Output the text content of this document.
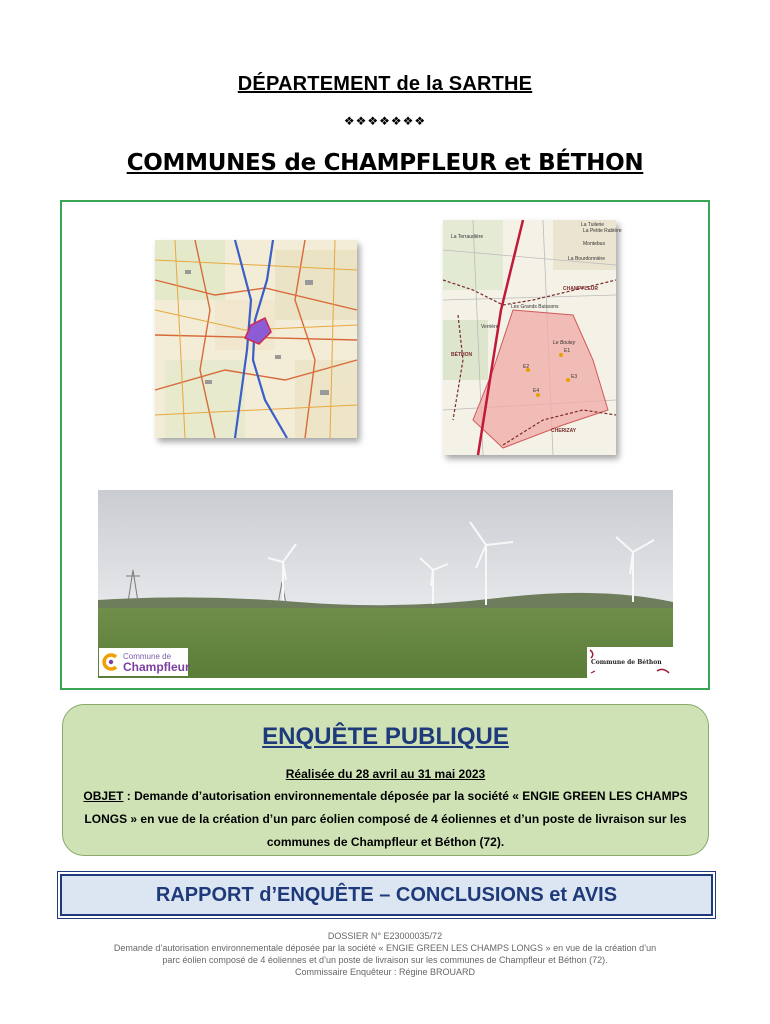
DÉPARTEMENT de la SARTHE
❖❖❖❖❖❖❖
COMMUNES de CHAMPFLEUR et BÉTHON
La Terraudière
La Petite Rabière
Montebus
La Tuilerie
La Bourdonnière
CHAMPFLEUR
Les Grands Buissons
Le Bouley
Verrière
BÉTHON
E1
E2
E3
E4
CHERIZAY
Commune de
Champfleur	Commune de Béthon
ENQUÊTE PUBLIQUE
Réalisée du 28 avril au 31 mai 2023
OBJET : Demande d’autorisation environnementale déposée par la société « ENGIE GREEN LES CHAMPS LONGS » en vue de la création d’un parc éolien composé de 4 éoliennes et d’un poste de livraison sur les communes de Champfleur et Béthon (72).
RAPPORT d’ENQUÊTE – CONCLUSIONS et AVIS
DOSSIER N° E23000035/72
Demande d’autorisation environnementale déposée par la société « ENGIE GREEN LES CHAMPS LONGS » en vue de la création d’un
parc éolien composé de 4 éoliennes et d’un poste de livraison sur les communes de Champfleur et Béthon (72).
Commissaire Enquêteur : Régine BROUARD
